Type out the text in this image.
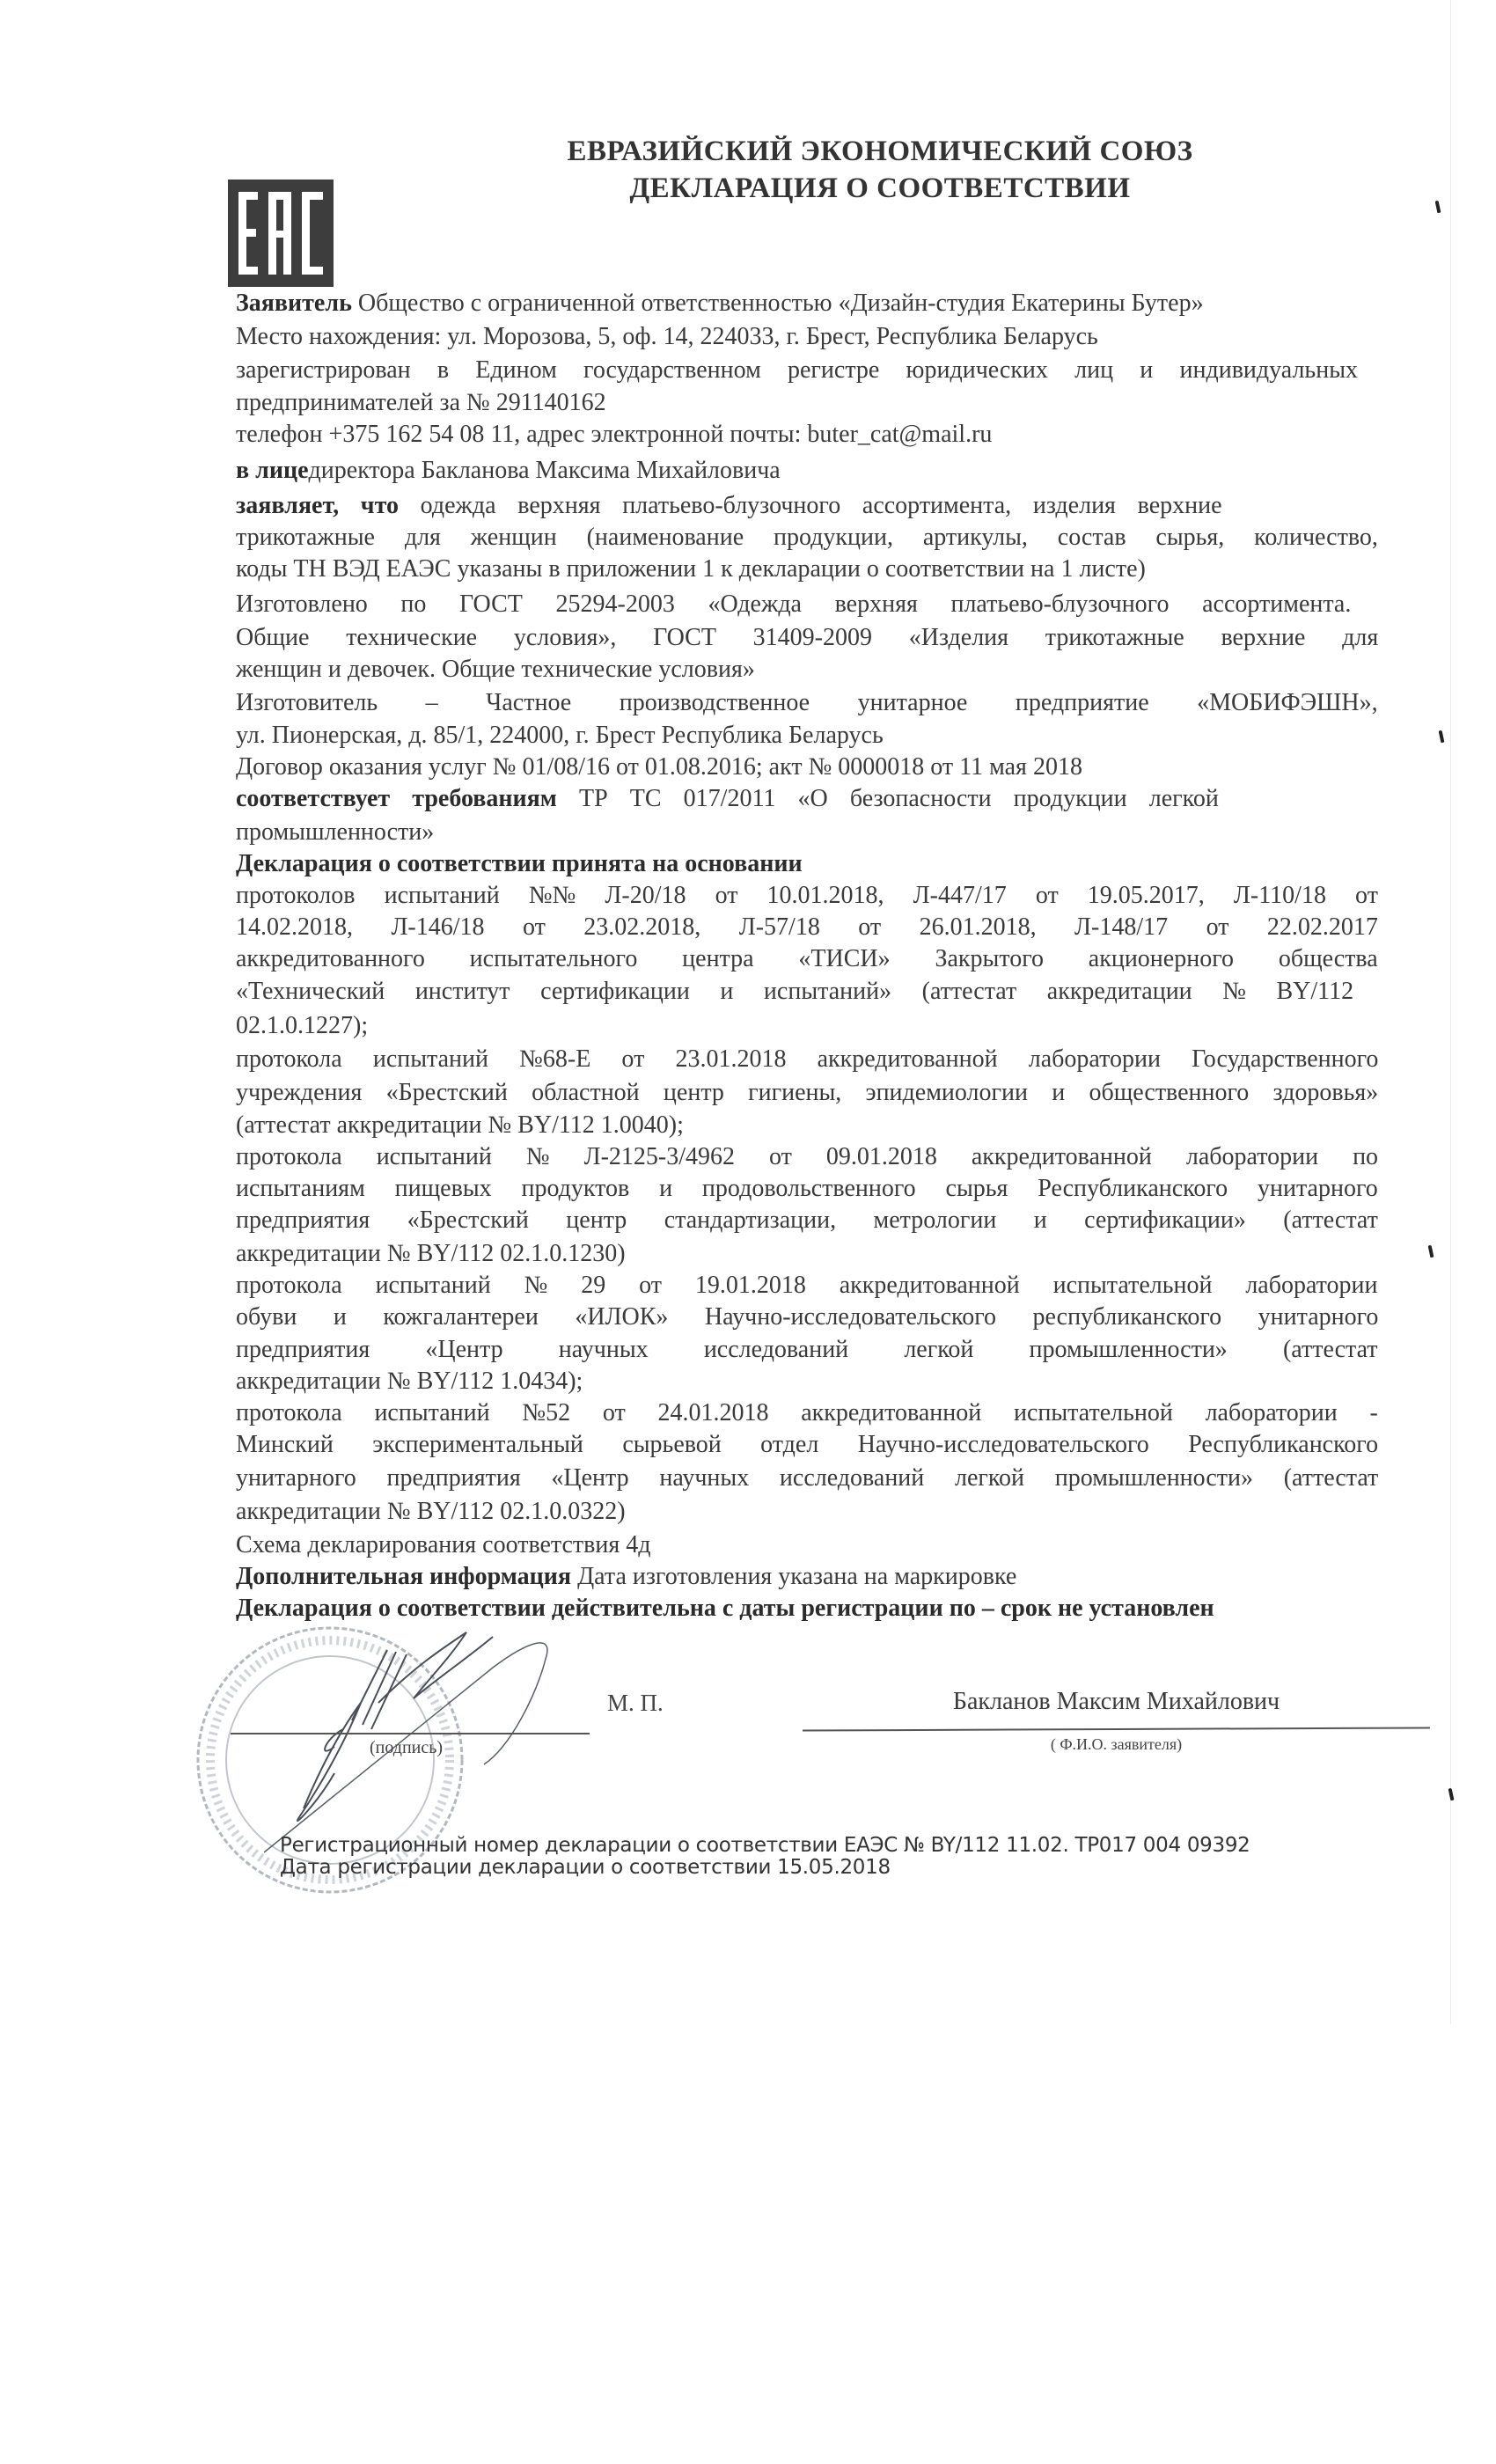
ЕВРАЗИЙСКИЙ ЭКОНОМИЧЕСКИЙ СОЮЗ
ДЕКЛАРАЦИЯ О СООТВЕТСТВИИ
Заявитель Общество с ограниченной ответственностью «Дизайн-студия Екатерины Бутер»
Место нахождения: ул. Морозова, 5, оф. 14, 224033, г. Брест, Республика Беларусь
зарегистрирован в Едином государственном регистре юридических лиц и индивидуальных
предпринимателей за № 291140162
телефон +375 162 54 08 11, адрес электронной почты: buter_cat@mail.ru
в лицедиректора Бакланова Максима Михайловича
заявляет, что одежда верхняя платьево-блузочного ассортимента, изделия верхние
трикотажные для женщин (наименование продукции, артикулы, состав сырья, количество,
коды ТН ВЭД ЕАЭС указаны в приложении 1 к декларации о соответствии на 1 листе)
Изготовлено по ГОСТ 25294-2003 «Одежда верхняя платьево-блузочного ассортимента.
Общие технические условия», ГОСТ 31409-2009 «Изделия трикотажные верхние для
женщин и девочек. Общие технические условия»
Изготовитель – Частное производственное унитарное предприятие «МОБИФЭШН»,
ул. Пионерская, д. 85/1, 224000, г. Брест Республика Беларусь
Договор оказания услуг № 01/08/16 от 01.08.2016; акт № 0000018 от 11 мая 2018
соответствует требованиям ТР ТС 017/2011 «О безопасности продукции легкой
промышленности»
Декларация о соответствии принята на основании
протоколов испытаний №№ Л-20/18 от 10.01.2018, Л-447/17 от 19.05.2017, Л-110/18 от
14.02.2018, Л-146/18 от 23.02.2018, Л-57/18 от 26.01.2018, Л-148/17 от 22.02.2017
аккредитованного испытательного центра «ТИСИ» Закрытого акционерного общества
«Технический институт сертификации и испытаний» (аттестат аккредитации № BY/112
02.1.0.1227);
протокола испытаний №68-Е от 23.01.2018 аккредитованной лаборатории Государственного
учреждения «Брестский областной центр гигиены, эпидемиологии и общественного здоровья»
(аттестат аккредитации № BY/112 1.0040);
протокола испытаний № Л-2125-3/4962 от 09.01.2018 аккредитованной лаборатории по
испытаниям пищевых продуктов и продовольственного сырья Республиканского унитарного
предприятия «Брестский центр стандартизации, метрологии и сертификации» (аттестат
аккредитации № BY/112 02.1.0.1230)
протокола испытаний № 29 от 19.01.2018 аккредитованной испытательной лаборатории
обуви и кожгалантереи «ИЛОК» Научно-исследовательского республиканского унитарного
предприятия «Центр научных исследований легкой промышленности» (аттестат
аккредитации № BY/112 1.0434);
протокола испытаний №52 от 24.01.2018 аккредитованной испытательной лаборатории -
Минский экспериментальный сырьевой отдел Научно-исследовательского Республиканского
унитарного предприятия «Центр научных исследований легкой промышленности» (аттестат
аккредитации № BY/112 02.1.0.0322)
Схема декларирования соответствия 4д
Дополнительная информация Дата изготовления указана на маркировке
Декларация о соответствии действительна с даты регистрации по – срок не установлен
(подпись)
М. П.	Бакланов Максим Михайлович
( Ф.И.О. заявителя)
Регистрационный номер декларации о соответствии ЕАЭС № BY/112 11.02. ТР017 004 09392
Дата регистрации декларации о соответствии 15.05.2018
